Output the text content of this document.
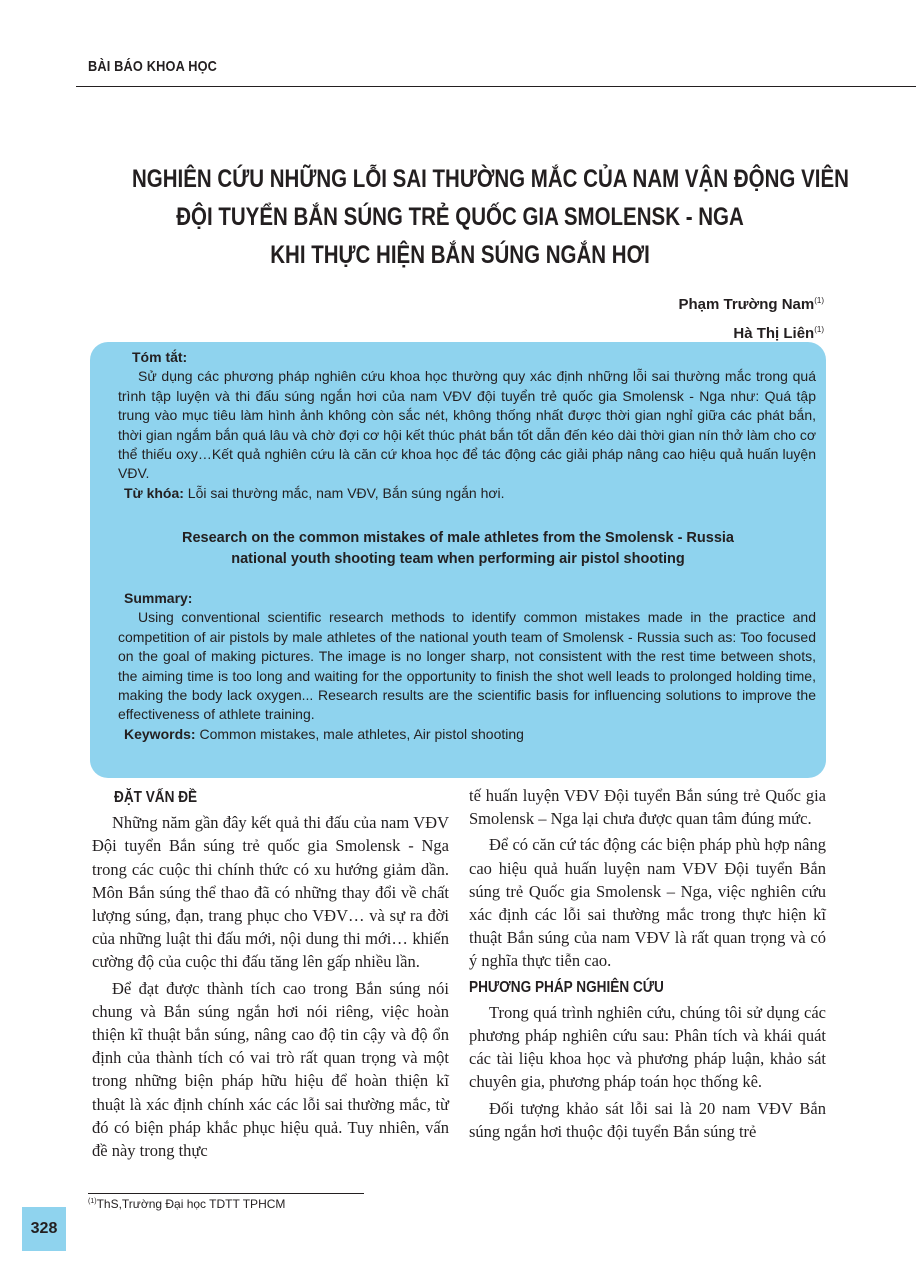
BÀI BÁO KHOA HỌC
NGHIÊN CỨU NHỮNG LỖI SAI THƯỜNG MẮC CỦA NAM VẬN ĐỘNG VIÊN
ĐỘI TUYỂN BẮN SÚNG TRẺ QUỐC GIA SMOLENSK - NGA
KHI THỰC HIỆN BẮN SÚNG NGẮN HƠI
Phạm Trường Nam$^{(1)}$
Hà Thị Liên$^{(1)}$
Tóm tắt:
Sử dụng các phương pháp nghiên cứu khoa học thường quy xác định những lỗi sai thường mắc trong quá trình tập luyện và thi đấu súng ngắn hơi của nam VĐV đội tuyển trẻ quốc gia Smolensk - Nga như: Quá tập trung vào mục tiêu làm hình ảnh không còn sắc nét, không thống nhất được thời gian nghỉ giữa các phát bắn, thời gian ngắm bắn quá lâu và chờ đợi cơ hội kết thúc phát bắn tốt dẫn đến kéo dài thời gian nín thở làm cho cơ thể thiếu oxy…Kết quả nghiên cứu là căn cứ khoa học để tác động các giải pháp nâng cao hiệu quả huấn luyện VĐV.
Từ khóa: Lỗi sai thường mắc, nam VĐV, Bắn súng ngắn hơi.
Research on the common mistakes of male athletes from the Smolensk - Russia
national youth shooting team when performing air pistol shooting
Summary:
Using conventional scientific research methods to identify common mistakes made in the practice and competition of air pistols by male athletes of the national youth team of Smolensk - Russia such as: Too focused on the goal of making pictures. The image is no longer sharp, not consistent with the rest time between shots, the aiming time is too long and waiting for the opportunity to finish the shot well leads to prolonged holding time, making the body lack oxygen... Research results are the scientific basis for influencing solutions to improve the effectiveness of athlete training.
Keywords: Common mistakes, male athletes, Air pistol shooting
ĐẶT VẤN ĐỀ

Những năm gần đây kết quả thi đấu của nam VĐV Đội tuyển Bắn súng trẻ quốc gia Smolensk - Nga trong các cuộc thi chính thức có xu hướng giảm dần. Môn Bắn súng thể thao đã có những thay đổi về chất lượng súng, đạn, trang phục cho VĐV… và sự ra đời của những luật thi đấu mới, nội dung thi mới… khiến cường độ của cuộc thi đấu tăng lên gấp nhiều lần.

Để đạt được thành tích cao trong Bắn súng nói chung và Bắn súng ngắn hơi nói riêng, việc hoàn thiện kĩ thuật bắn súng, nâng cao độ tin cậy và độ ổn định của thành tích có vai trò rất quan trọng và một trong những biện pháp hữu hiệu để hoàn thiện kĩ thuật là xác định chính xác các lỗi sai thường mắc, từ đó có biện pháp khắc phục hiệu quả. Tuy nhiên, vấn đề này trong thực

tế huấn luyện VĐV Đội tuyển Bắn súng trẻ Quốc gia Smolensk – Nga lại chưa được quan tâm đúng mức.

Để có căn cứ tác động các biện pháp phù hợp nâng cao hiệu quả huấn luyện nam VĐV Đội tuyển Bắn súng trẻ Quốc gia Smolensk – Nga, việc nghiên cứu xác định các lỗi sai thường mắc trong thực hiện kĩ thuật Bắn súng của nam VĐV là rất quan trọng và có ý nghĩa thực tiễn cao.

PHƯƠNG PHÁP NGHIÊN CỨU

Trong quá trình nghiên cứu, chúng tôi sử dụng các phương pháp nghiên cứu sau: Phân tích và khái quát các tài liệu khoa học và phương pháp luận, khảo sát chuyên gia, phương pháp toán học thống kê.

Đối tượng khảo sát lỗi sai là 20 nam VĐV Bắn súng ngắn hơi thuộc đội tuyển Bắn súng trẻ

$^{(1)}$ThS,Trường Đại học TDTT TPHCM
328
